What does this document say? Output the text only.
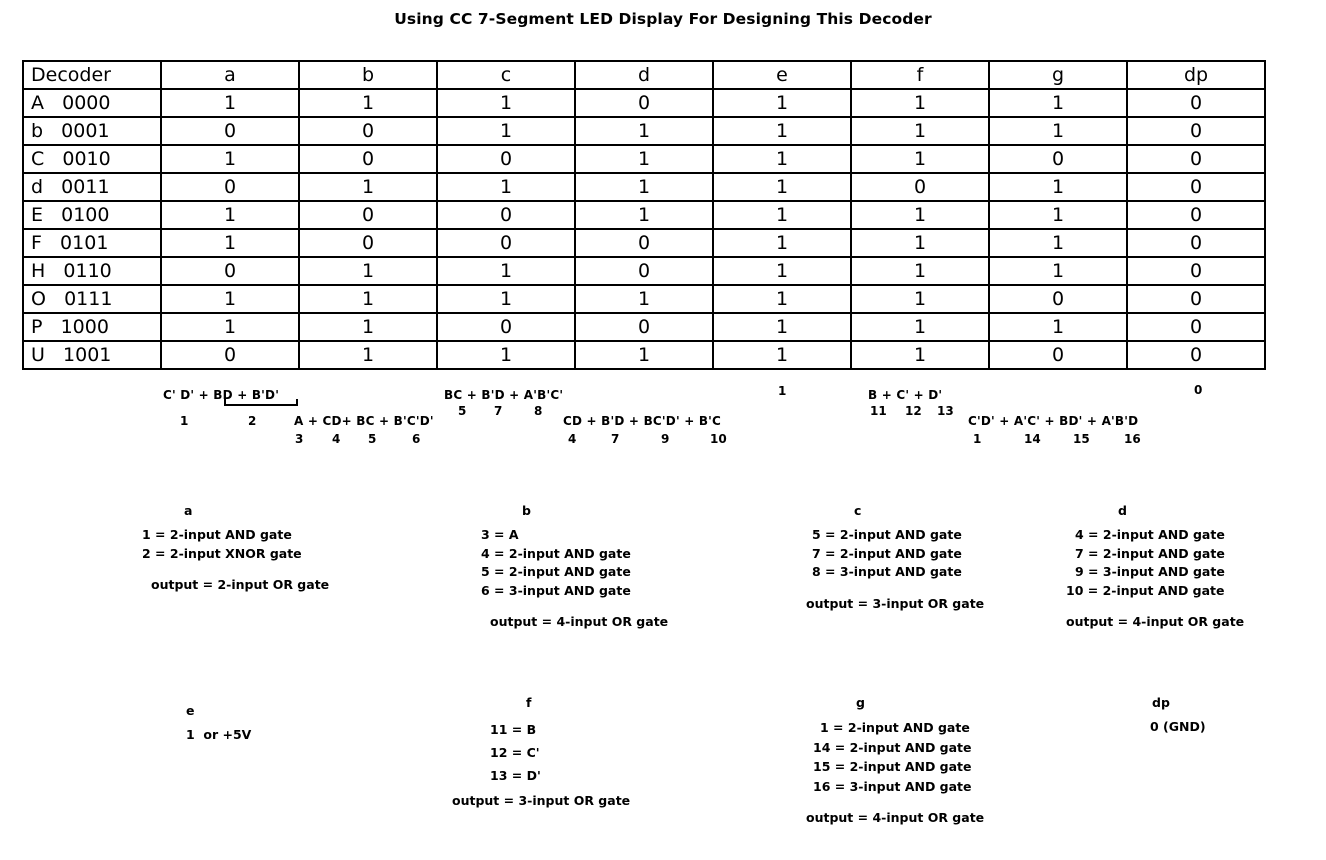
Using CC 7-Segment LED Display For Designing This Decoder
Decoder	a	b	c	d	e	f	g	dp
A   0000	1	1	1	0	1	1	1	0
b   0001	0	0	1	1	1	1	1	0
C   0010	1	0	0	1	1	1	0	0
d   0011	0	1	1	1	1	0	1	0
E   0100	1	0	0	1	1	1	1	0
F   0101	1	0	0	0	1	1	1	0
H   0110	0	1	1	0	1	1	1	0
O   0111	1	1	1	1	1	1	0	0
P   1000	1	1	0	0	1	1	1	0
U   1001	0	1	1	1	1	1	0	0
C' D' + BD + B'D'
1	2	A + CD+ BC + B'C'D'
3 4 5	6
BC + B'D + A'B'C'
5 7	8
CD + B'D + BC'D' + B'C
4	7	9	10
1	B + C' + D'
11 12 13
C'D' + A'C' + BD' + A'B'D
1	14	15	16
0
a
1 = 2-input AND gate
2 = 2-input XNOR gate
output = 2-input OR gate
b
3 = A
4 = 2-input AND gate
5 = 2-input AND gate
6 = 3-input AND gate
output = 4-input OR gate
c
5 = 2-input AND gate
7 = 2-input AND gate
8 = 3-input AND gate
output = 3-input OR gate
d
4 = 2-input AND gate
7 = 2-input AND gate
9 = 3-input AND gate
10 = 2-input AND gate
output = 4-input OR gate
e
1  or +5V
f
11 = B
12 = C'
13 = D'
output = 3-input OR gate
g
1 = 2-input AND gate
14 = 2-input AND gate
15 = 2-input AND gate
16 = 3-input AND gate
output = 4-input OR gate
dp
0 (GND)
